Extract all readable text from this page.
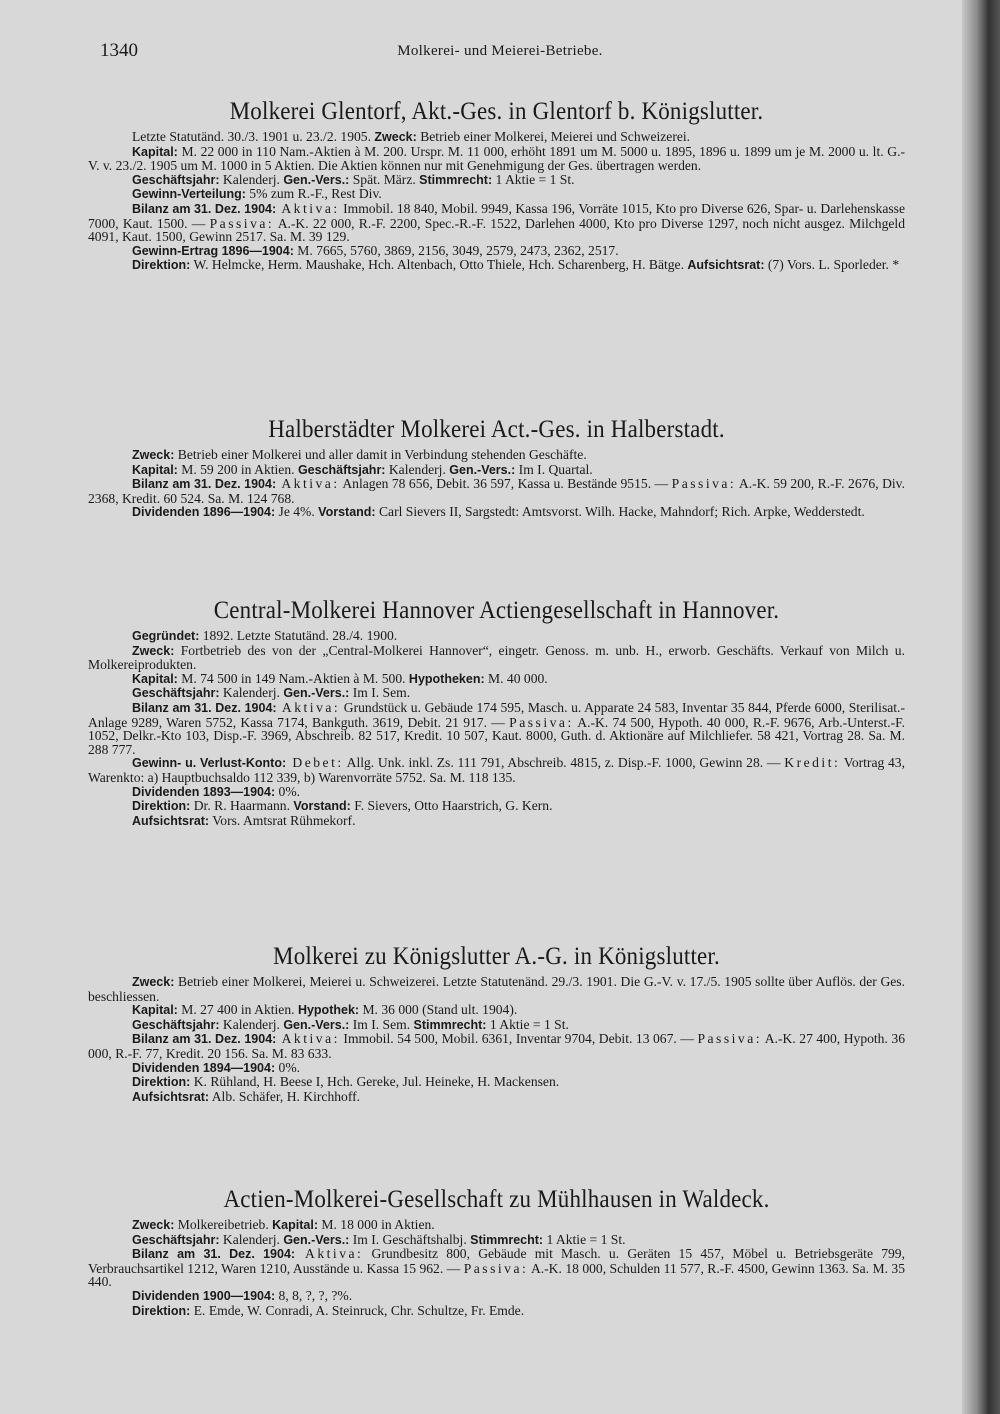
1340	Molkerei- und Meierei-Betriebe.
Molkerei Glentorf, Akt.-Ges. in Glentorf b. Königslutter.

Letzte Statutänd. 30./3. 1901 u. 23./2. 1905. Zweck: Betrieb einer Molkerei, Meierei und Schweizerei.

Kapital: M. 22 000 in 110 Nam.-Aktien à M. 200. Urspr. M. 11 000, erhöht 1891 um M. 5000 u. 1895, 1896 u. 1899 um je M. 2000 u. lt. G.-V. v. 23./2. 1905 um M. 1000 in 5 Aktien. Die Aktien können nur mit Genehmigung der Ges. übertragen werden.

Geschäftsjahr: Kalenderj. Gen.-Vers.: Spät. März. Stimmrecht: 1 Aktie = 1 St.

Gewinn-Verteilung: 5% zum R.-F., Rest Div.

Bilanz am 31. Dez. 1904: Aktiva: Immobil. 18 840, Mobil. 9949, Kassa 196, Vorräte 1015, Kto pro Diverse 626, Spar- u. Darlehenskasse 7000, Kaut. 1500. — Passiva: A.-K. 22 000, R.-F. 2200, Spec.-R.-F. 1522, Darlehen 4000, Kto pro Diverse 1297, noch nicht ausgez. Milchgeld 4091, Kaut. 1500, Gewinn 2517. Sa. M. 39 129.

Gewinn-Ertrag 1896—1904: M. 7665, 5760, 3869, 2156, 3049, 2579, 2473, 2362, 2517.

Direktion: W. Helmcke, Herm. Maushake, Hch. Altenbach, Otto Thiele, Hch. Scharenberg, H. Bätge. Aufsichtsrat: (7) Vors. L. Sporleder. *

Halberstädter Molkerei Act.-Ges. in Halberstadt.

Zweck: Betrieb einer Molkerei und aller damit in Verbindung stehenden Geschäfte.

Kapital: M. 59 200 in Aktien. Geschäftsjahr: Kalenderj. Gen.-Vers.: Im I. Quartal.

Bilanz am 31. Dez. 1904: Aktiva: Anlagen 78 656, Debit. 36 597, Kassa u. Bestände 9515. — Passiva: A.-K. 59 200, R.-F. 2676, Div. 2368, Kredit. 60 524. Sa. M. 124 768.

Dividenden 1896—1904: Je 4%. Vorstand: Carl Sievers II, Sargstedt: Amtsvorst. Wilh. Hacke, Mahndorf; Rich. Arpke, Wedderstedt.

Central-Molkerei Hannover Actiengesellschaft in Hannover.

Gegründet: 1892. Letzte Statutänd. 28./4. 1900.

Zweck: Fortbetrieb des von der „Central-Molkerei Hannover“, eingetr. Genoss. m. unb. H., erworb. Geschäfts. Verkauf von Milch u. Molkereiprodukten.

Kapital: M. 74 500 in 149 Nam.-Aktien à M. 500. Hypotheken: M. 40 000.

Geschäftsjahr: Kalenderj. Gen.-Vers.: Im I. Sem.

Bilanz am 31. Dez. 1904: Aktiva: Grundstück u. Gebäude 174 595, Masch. u. Apparate 24 583, Inventar 35 844, Pferde 6000, Sterilisat.-Anlage 9289, Waren 5752, Kassa 7174, Bankguth. 3619, Debit. 21 917. — Passiva: A.-K. 74 500, Hypoth. 40 000, R.-F. 9676, Arb.-Unterst.-F. 1052, Delkr.-Kto 103, Disp.-F. 3969, Abschreib. 82 517, Kredit. 10 507, Kaut. 8000, Guth. d. Aktionäre auf Milchliefer. 58 421, Vortrag 28. Sa. M. 288 777.

Gewinn- u. Verlust-Konto: Debet: Allg. Unk. inkl. Zs. 111 791, Abschreib. 4815, z. Disp.-F. 1000, Gewinn 28. — Kredit: Vortrag 43, Warenkto: a) Hauptbuchsaldo 112 339, b) Warenvorräte 5752. Sa. M. 118 135.

Dividenden 1893—1904: 0%.

Direktion: Dr. R. Haarmann. Vorstand: F. Sievers, Otto Haarstrich, G. Kern.

Aufsichtsrat: Vors. Amtsrat Rühmekorf.

Molkerei zu Königslutter A.-G. in Königslutter.

Zweck: Betrieb einer Molkerei, Meierei u. Schweizerei. Letzte Statutenänd. 29./3. 1901. Die G.-V. v. 17./5. 1905 sollte über Auflös. der Ges. beschliessen.

Kapital: M. 27 400 in Aktien. Hypothek: M. 36 000 (Stand ult. 1904).

Geschäftsjahr: Kalenderj. Gen.-Vers.: Im I. Sem. Stimmrecht: 1 Aktie = 1 St.

Bilanz am 31. Dez. 1904: Aktiva: Immobil. 54 500, Mobil. 6361, Inventar 9704, Debit. 13 067. — Passiva: A.-K. 27 400, Hypoth. 36 000, R.-F. 77, Kredit. 20 156. Sa. M. 83 633.

Dividenden 1894—1904: 0%.

Direktion: K. Rühland, H. Beese I, Hch. Gereke, Jul. Heineke, H. Mackensen.

Aufsichtsrat: Alb. Schäfer, H. Kirchhoff.

Actien-Molkerei-Gesellschaft zu Mühlhausen in Waldeck.

Zweck: Molkereibetrieb. Kapital: M. 18 000 in Aktien.

Geschäftsjahr: Kalenderj. Gen.-Vers.: Im I. Geschäftshalbj. Stimmrecht: 1 Aktie = 1 St.

Bilanz am 31. Dez. 1904: Aktiva: Grundbesitz 800, Gebäude mit Masch. u. Geräten 15 457, Möbel u. Betriebsgeräte 799, Verbrauchsartikel 1212, Waren 1210, Ausstände u. Kassa 15 962. — Passiva: A.-K. 18 000, Schulden 11 577, R.-F. 4500, Gewinn 1363. Sa. M. 35 440.

Dividenden 1900—1904: 8, 8, ?, ?, ?%.

Direktion: E. Emde, W. Conradi, A. Steinruck, Chr. Schultze, Fr. Emde.
